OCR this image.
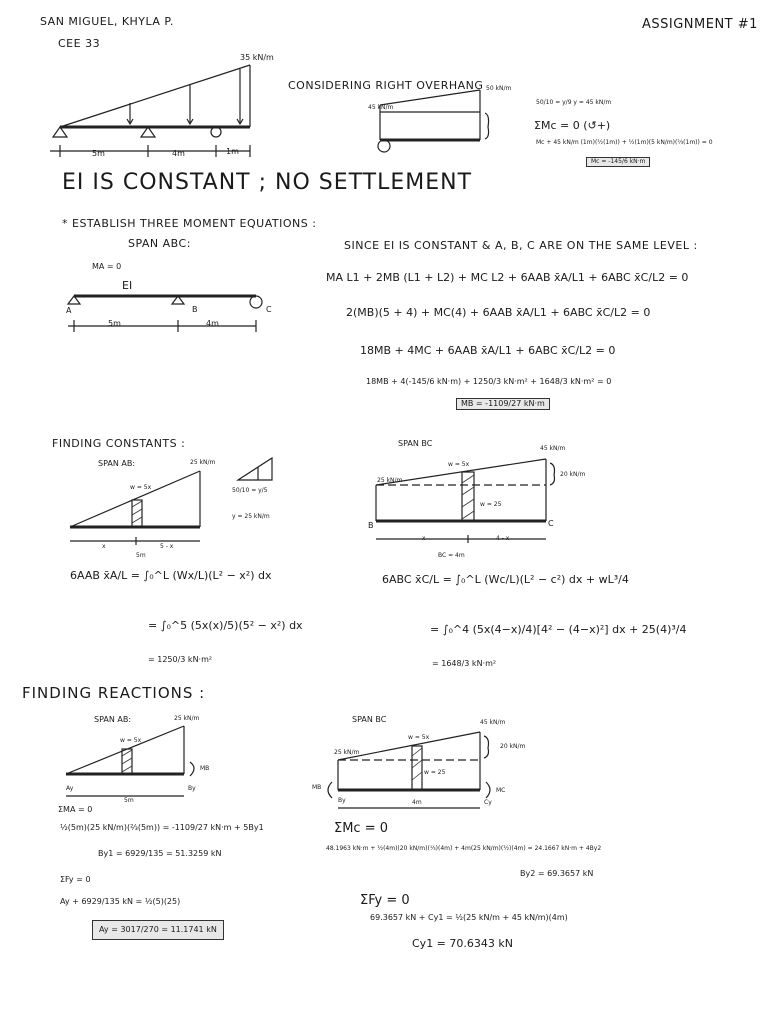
SAN MIGUEL, KHYLA P.
CEE 33
ASSIGNMENT #1
35 kN/m
5m	4m	1m
CONSIDERING RIGHT OVERHANG
45 kN/m
50 kN/m
50/10 = y/9 y = 45 kN/m
ΣMc = 0 (↺+)
Mc + 45 kN/m (1m)(½(1m)) + ½(1m)(5 kN/m)(⅔(1m)) = 0
Mc = -145/6 kN·m
EI IS CONSTANT ; NO SETTLEMENT
* ESTABLISH THREE MOMENT EQUATIONS :
SPAN ABC:
MA = 0
EI
A	B	C
5m	4m
SINCE EI IS CONSTANT & A, B, C ARE ON THE SAME LEVEL :
MA L1 + 2MB (L1 + L2) + MC L2 + 6AAB x̄A/L1 + 6ABC x̄C/L2 = 0
2(MB)(5 + 4) + MC(4) + 6AAB x̄A/L1 + 6ABC x̄C/L2 = 0
18MB + 4MC + 6AAB x̄A/L1 + 6ABC x̄C/L2 = 0
18MB + 4(-145/6 kN·m) + 1250/3 kN·m² + 1648/3 kN·m² = 0
MB = -1109/27 kN·m
FINDING CONSTANTS :
SPAN AB:	25 kN/m
w = 5x
x	5 - x
5m
50/10 = y/5
y = 25 kN/m
6AAB x̄A/L = ∫₀^L (Wx/L)(L² − x²) dx
= ∫₀^5 (5x(x)/5)(5² − x²) dx
= 1250/3 kN·m²
SPAN BC
45 kN/m
25 kN/m
20 kN/m
w = 5x
w = 25
B	C
x	4 - x
BC = 4m
6ABC x̄C/L = ∫₀^L (Wc/L)(L² − c²) dx + wL³/4
= ∫₀^4 (5x(4−x)/4)[4² − (4−x)²] dx + 25(4)³/4
= 1648/3 kN·m²
FINDING REACTIONS :
SPAN AB:	25 kN/m
w = 5x
MB
Ay	By
5m
ΣMA = 0
½(5m)(25 kN/m)(⅔(5m)) = -1109/27 kN·m + 5By1
By1 = 6929/135 = 51.3259 kN
ΣFy = 0
Ay + 6929/135 kN = ½(5)(25)
Ay = 3017/270 = 11.1741 kN
SPAN BC	45 kN/m
25 kN/m
20 kN/m
w = 5x
w = 25
MB	MC
By	Cy
4m
ΣMc = 0
48.1963 kN·m + ½(4m)(20 kN/m)(⅓)(4m) + 4m(25 kN/m)(½)(4m) = 24.1667 kN·m + 4By2
By2 = 69.3657 kN
ΣFy = 0
69.3657 kN + Cy1 = ½(25 kN/m + 45 kN/m)(4m)
Cy1 = 70.6343 kN
